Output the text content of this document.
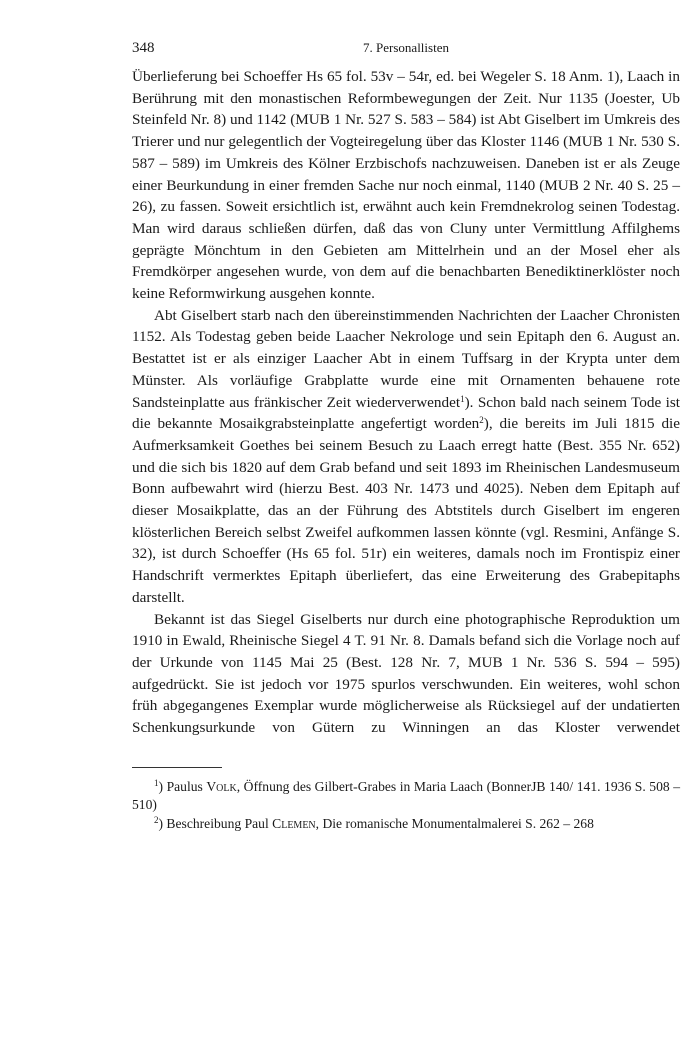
348	7. Personallisten

Überlieferung bei Schoeffer Hs 65 fol. 53v – 54r, ed. bei Wegeler S. 18 Anm. 1), Laach in Berührung mit den monastischen Reformbewegungen der Zeit. Nur 1135 (Joester, Ub Steinfeld Nr. 8) und 1142 (MUB 1 Nr. 527 S. 583 – 584) ist Abt Giselbert im Umkreis des Trierer und nur gelegentlich der Vogteiregelung über das Kloster 1146 (MUB 1 Nr. 530 S. 587 – 589) im Umkreis des Kölner Erzbischofs nachzuweisen. Daneben ist er als Zeuge einer Beurkundung in einer fremden Sache nur noch einmal, 1140 (MUB 2 Nr. 40 S. 25 – 26), zu fassen. Soweit ersichtlich ist, erwähnt auch kein Fremdnekrolog seinen Todestag. Man wird daraus schließen dürfen, daß das von Cluny unter Vermittlung Affilghems geprägte Mönchtum in den Gebieten am Mittelrhein und an der Mosel eher als Fremdkörper angesehen wurde, von dem auf die benachbarten Benediktinerklöster noch keine Reformwirkung ausgehen konnte.

Abt Giselbert starb nach den übereinstimmenden Nachrichten der Laacher Chronisten 1152. Als Todestag geben beide Laacher Nekrologe und sein Epitaph den 6. August an. Bestattet ist er als einziger Laacher Abt in einem Tuffsarg in der Krypta unter dem Münster. Als vorläufige Grabplatte wurde eine mit Ornamenten behauene rote Sandsteinplatte aus fränkischer Zeit wiederverwendet$^1$). Schon bald nach seinem Tode ist die bekannte Mosaikgrabsteinplatte angefertigt worden$^2$), die bereits im Juli 1815 die Aufmerksamkeit Goethes bei seinem Besuch zu Laach erregt hatte (Best. 355 Nr. 652) und die sich bis 1820 auf dem Grab befand und seit 1893 im Rheinischen Landesmuseum Bonn aufbewahrt wird (hierzu Best. 403 Nr. 1473 und 4025). Neben dem Epitaph auf dieser Mosaikplatte, das an der Führung des Abtstitels durch Giselbert im engeren klösterlichen Bereich selbst Zweifel aufkommen lassen könnte (vgl. Resmini, Anfänge S. 32), ist durch Schoeffer (Hs 65 fol. 51r) ein weiteres, damals noch im Frontispiz einer Handschrift vermerktes Epitaph überliefert, das eine Erweiterung des Grabepitaphs darstellt.

Bekannt ist das Siegel Giselberts nur durch eine photographische Reproduktion um 1910 in Ewald, Rheinische Siegel 4 T. 91 Nr. 8. Damals befand sich die Vorlage noch auf der Urkunde von 1145 Mai 25 (Best. 128 Nr. 7, MUB 1 Nr. 536 S. 594 – 595) aufgedrückt. Sie ist jedoch vor 1975 spurlos verschwunden. Ein weiteres, wohl schon früh abgegangenes Exemplar wurde möglicherweise als Rücksiegel auf der undatierten Schenkungsurkunde von Gütern zu Winningen an das Kloster verwendet

$^1$) Paulus Volk, Öffnung des Gilbert-Grabes in Maria Laach (BonnerJB 140/ 141. 1936 S. 508 – 510)

$^2$) Beschreibung Paul Clemen, Die romanische Monumentalmalerei S. 262 – 268
